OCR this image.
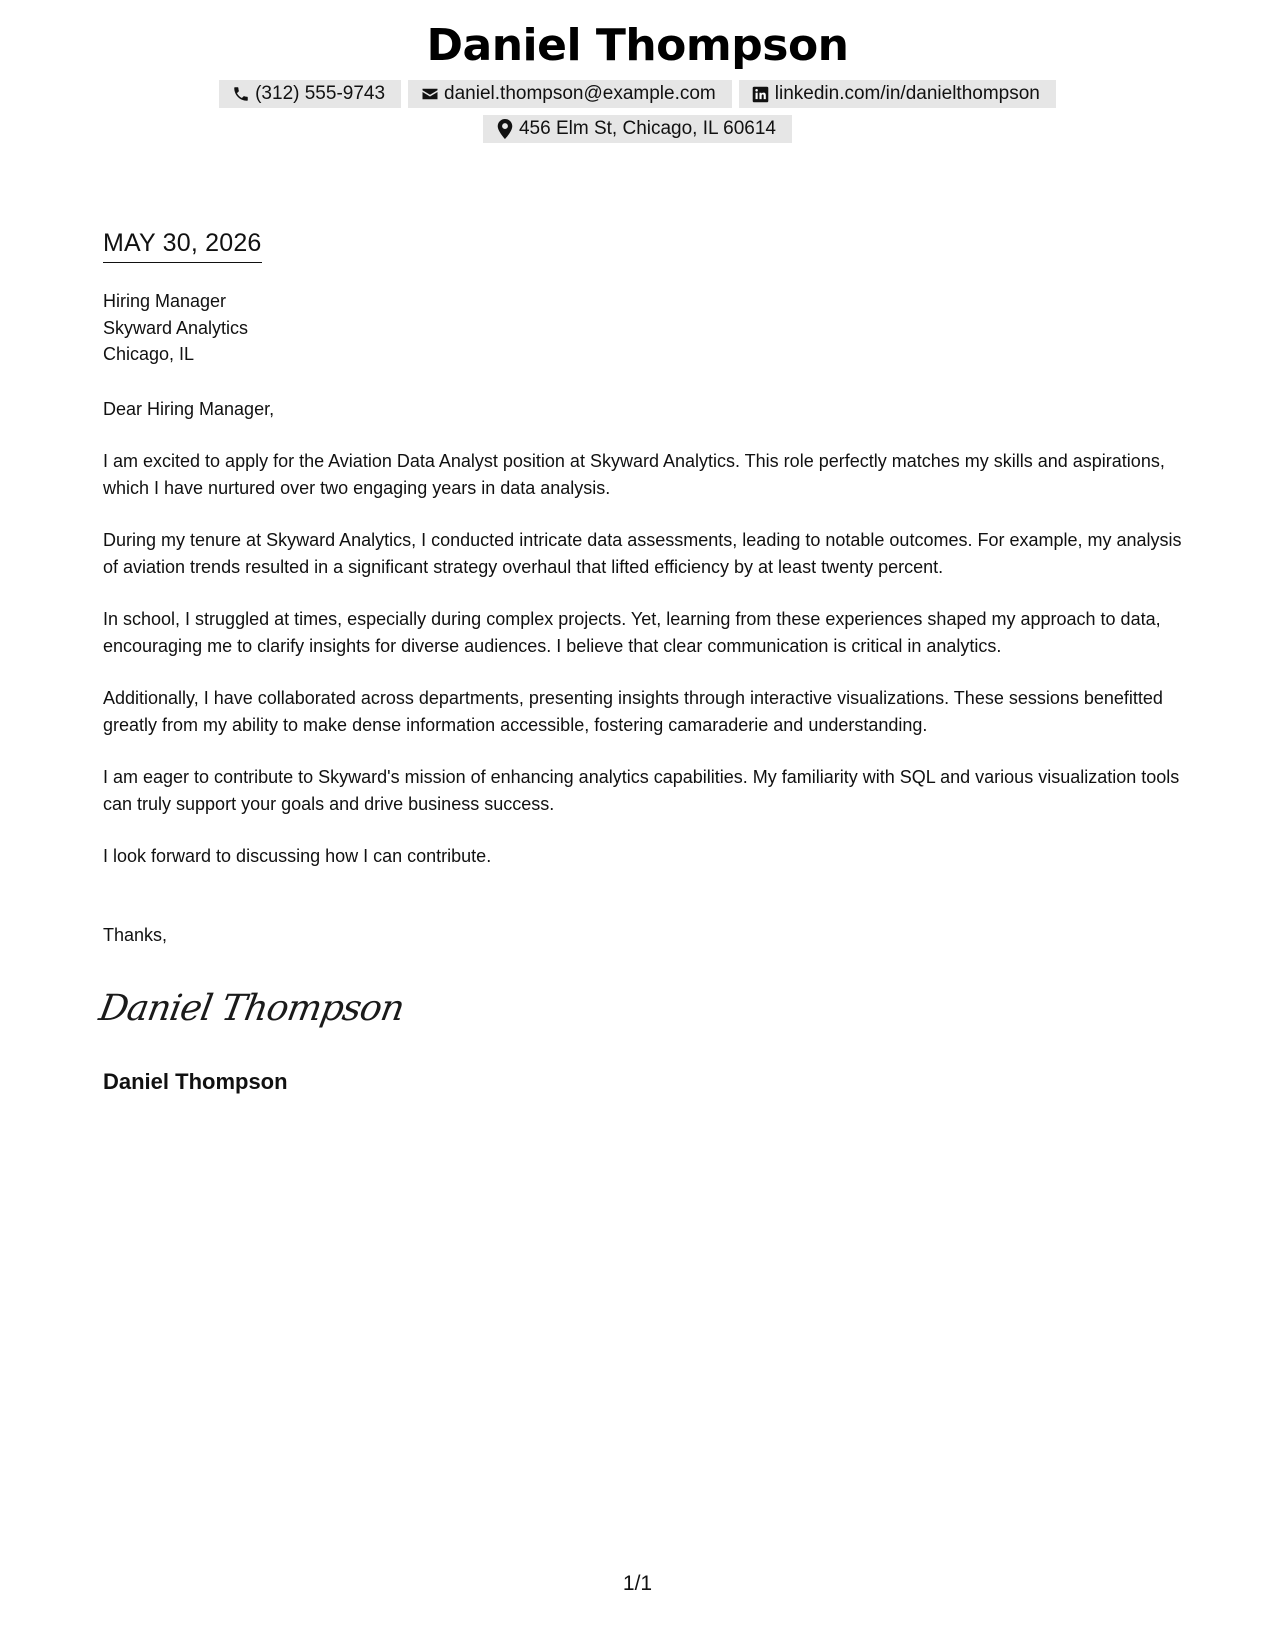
Daniel Thompson
(312) 555-9743	daniel.thompson@example.com	linkedin.com/in/danielthompson
456 Elm St, Chicago, IL 60614
MAY 30, 2026
Hiring Manager
Skyward Analytics
Chicago, IL
Dear Hiring Manager,

I am excited to apply for the Aviation Data Analyst position at Skyward Analytics. This role perfectly matches my skills and aspirations, which I have nurtured over two engaging years in data analysis.

During my tenure at Skyward Analytics, I conducted intricate data assessments, leading to notable outcomes. For example, my analysis of aviation trends resulted in a significant strategy overhaul that lifted efficiency by at least twenty percent.

In school, I struggled at times, especially during complex projects. Yet, learning from these experiences shaped my approach to data, encouraging me to clarify insights for diverse audiences. I believe that clear communication is critical in analytics.

Additionally, I have collaborated across departments, presenting insights through interactive visualizations. These sessions benefitted greatly from my ability to make dense information accessible, fostering camaraderie and understanding.

I am eager to contribute to Skyward's mission of enhancing analytics capabilities. My familiarity with SQL and various visualization tools can truly support your goals and drive business success.

I look forward to discussing how I can contribute.

Thanks,
Daniel Thompson
Daniel Thompson
1/1
